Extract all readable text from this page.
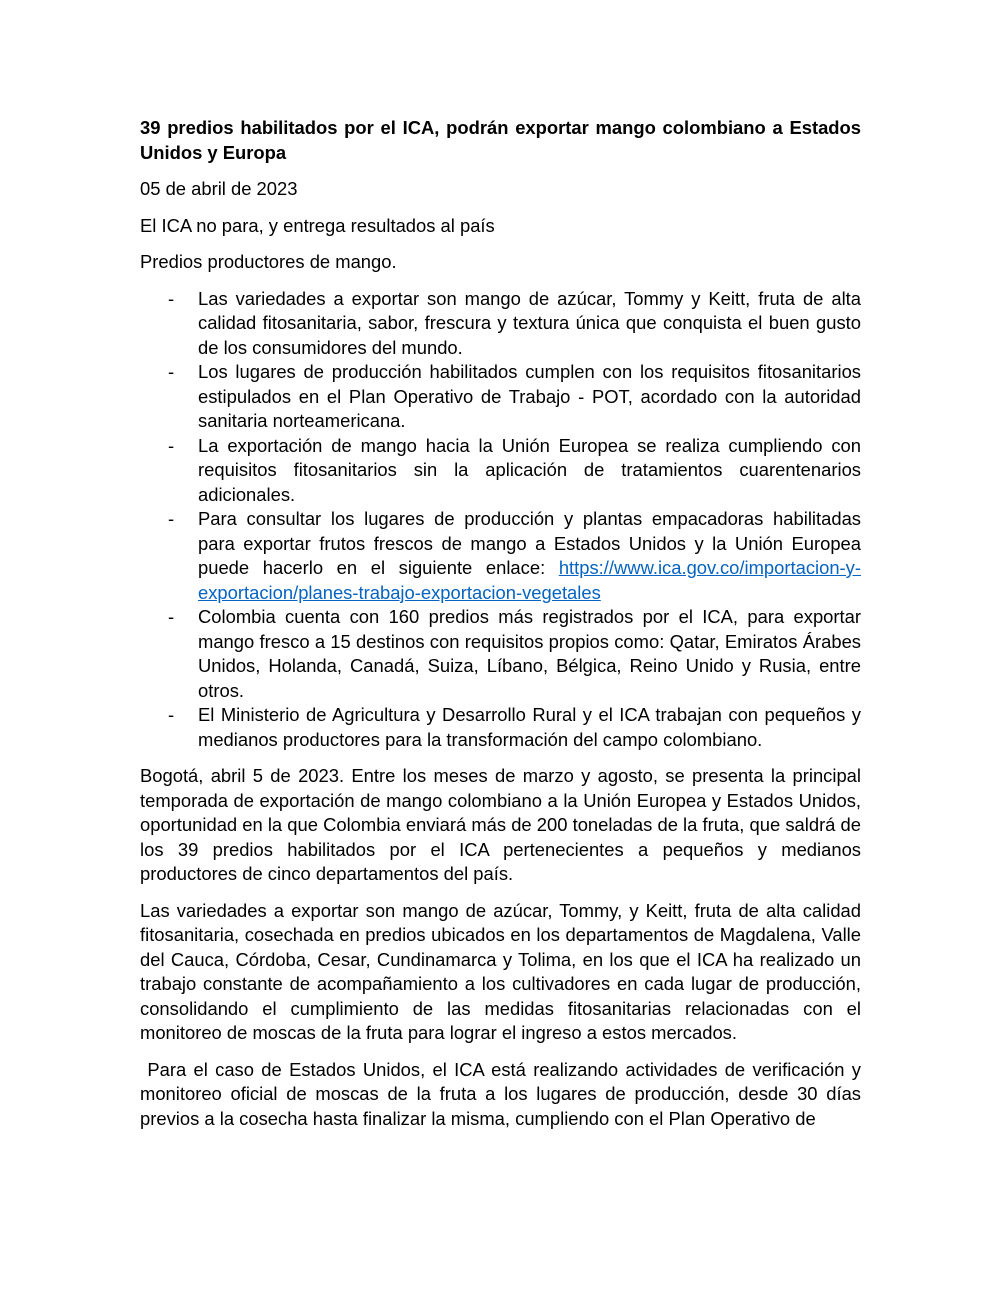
39 predios habilitados por el ICA, podrán exportar mango colombiano a Estados Unidos y Europa

05 de abril de 2023

El ICA no para, y entrega resultados al país

Predios productores de mango.

- Las variedades a exportar son mango de azúcar, Tommy y Keitt, fruta de alta calidad fitosanitaria, sabor, frescura y textura única que conquista el buen gusto de los consumidores del mundo.
- Los lugares de producción habilitados cumplen con los requisitos fitosanitarios estipulados en el Plan Operativo de Trabajo - POT, acordado con la autoridad sanitaria norteamericana.
- La exportación de mango hacia la Unión Europea se realiza cumpliendo con requisitos fitosanitarios sin la aplicación de tratamientos cuarentenarios adicionales.
- Para consultar los lugares de producción y plantas empacadoras habilitadas para exportar frutos frescos de mango a Estados Unidos y la Unión Europea puede hacerlo en el siguiente enlace: https://www.ica.gov.co/importacion-y-exportacion/planes-trabajo-exportacion-vegetales
- Colombia cuenta con 160 predios más registrados por el ICA, para exportar mango fresco a 15 destinos con requisitos propios como: Qatar, Emiratos Árabes Unidos, Holanda, Canadá, Suiza, Líbano, Bélgica, Reino Unido y Rusia, entre otros.
- El Ministerio de Agricultura y Desarrollo Rural y el ICA trabajan con pequeños y medianos productores para la transformación del campo colombiano.

Bogotá, abril 5 de 2023. Entre los meses de marzo y agosto, se presenta la principal temporada de exportación de mango colombiano a la Unión Europea y Estados Unidos, oportunidad en la que Colombia enviará más de 200 toneladas de la fruta, que saldrá de los 39 predios habilitados por el ICA pertenecientes a pequeños y medianos productores de cinco departamentos del país.

Las variedades a exportar son mango de azúcar, Tommy, y Keitt, fruta de alta calidad fitosanitaria, cosechada en predios ubicados en los departamentos de Magdalena, Valle del Cauca, Córdoba, Cesar, Cundinamarca y Tolima, en los que el ICA ha realizado un trabajo constante de acompañamiento a los cultivadores en cada lugar de producción, consolidando el cumplimiento de las medidas fitosanitarias relacionadas con el monitoreo de moscas de la fruta para lograr el ingreso a estos mercados.

Para el caso de Estados Unidos, el ICA está realizando actividades de verificación y monitoreo oficial de moscas de la fruta a los lugares de producción, desde 30 días previos a la cosecha hasta finalizar la misma, cumpliendo con el Plan Operativo de
